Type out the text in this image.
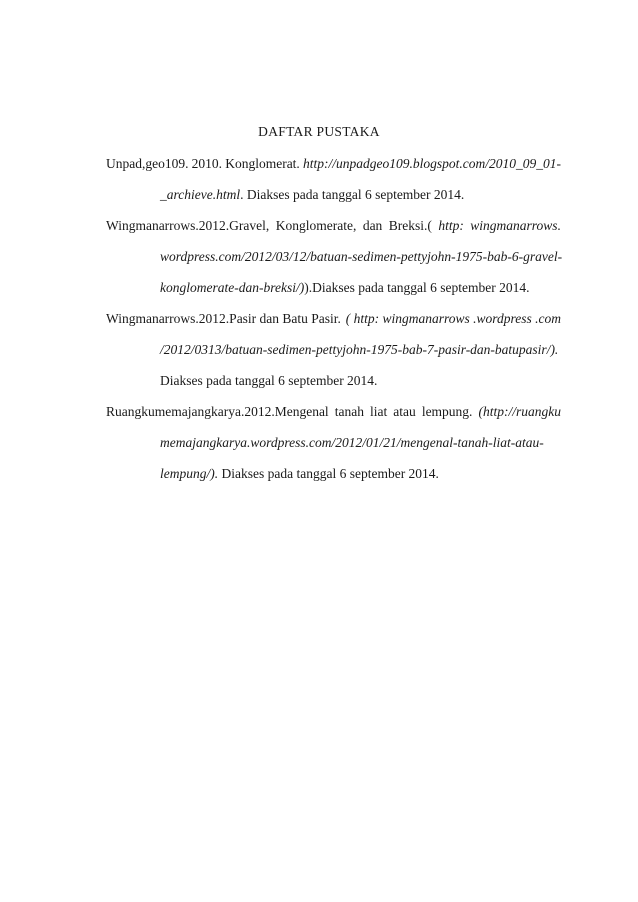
DAFTAR PUSTAKA
Unpad,geo109. 2010. Konglomerat. http://unpadgeo109.blogspot.com/2010_09_01-
_archieve.html. Diakses pada tanggal 6 september 2014.
Wingmanarrows.2012.Gravel, Konglomerate, dan Breksi.( http: wingmanarrows.
wordpress.com/2012/03/12/batuan-sedimen-pettyjohn-1975-bab-6-gravel-
konglomerate-dan-breksi/)).Diakses pada tanggal 6 september 2014.
Wingmanarrows.2012.Pasir dan Batu Pasir. ( http: wingmanarrows .wordpress .com
/2012/0313/batuan-sedimen-pettyjohn-1975-bab-7-pasir-dan-batupasir/).
Diakses pada tanggal 6 september 2014.
Ruangkumemajangkarya.2012.Mengenal tanah liat atau lempung. (http://ruangku
memajangkarya.wordpress.com/2012/01/21/mengenal-tanah-liat-atau-
lempung/). Diakses pada tanggal 6 september 2014.
